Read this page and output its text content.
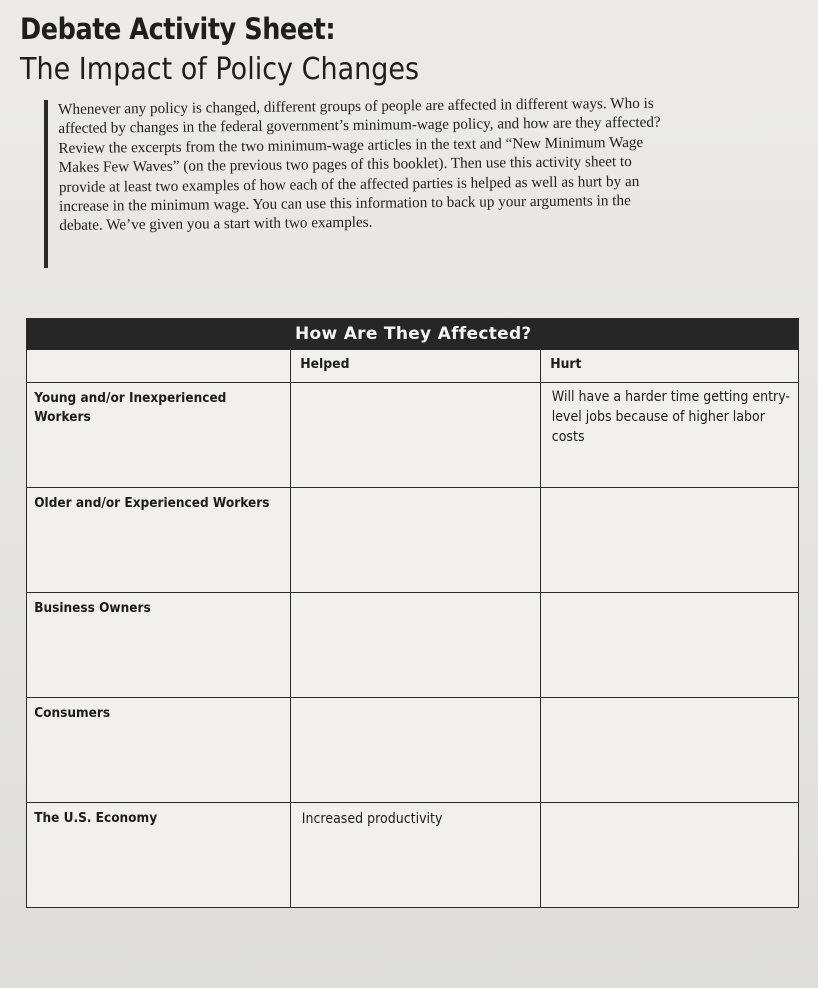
Debate Activity Sheet:
The Impact of Policy Changes

Whenever any policy is changed, different groups of people are affected in different ways. Who is affected by changes in the federal government’s minimum-wage policy, and how are they affected? Review the excerpts from the two minimum-wage articles in the text and “New Minimum Wage Makes Few Waves” (on the previous two pages of this booklet). Then use this activity sheet to provide at least two examples of how each of the affected parties is helped as well as hurt by an increase in the minimum wage. You can use this information to back up your arguments in the debate. We’ve given you a start with two examples.

How Are They Affected?		

	Helped	Hurt

Young and/or Inexperienced Workers		Will have a harder time getting entry-level jobs because of higher labor costs

Older and/or Experienced Workers		

Business Owners		

Consumers		

The U.S. Economy	Increased productivity	
